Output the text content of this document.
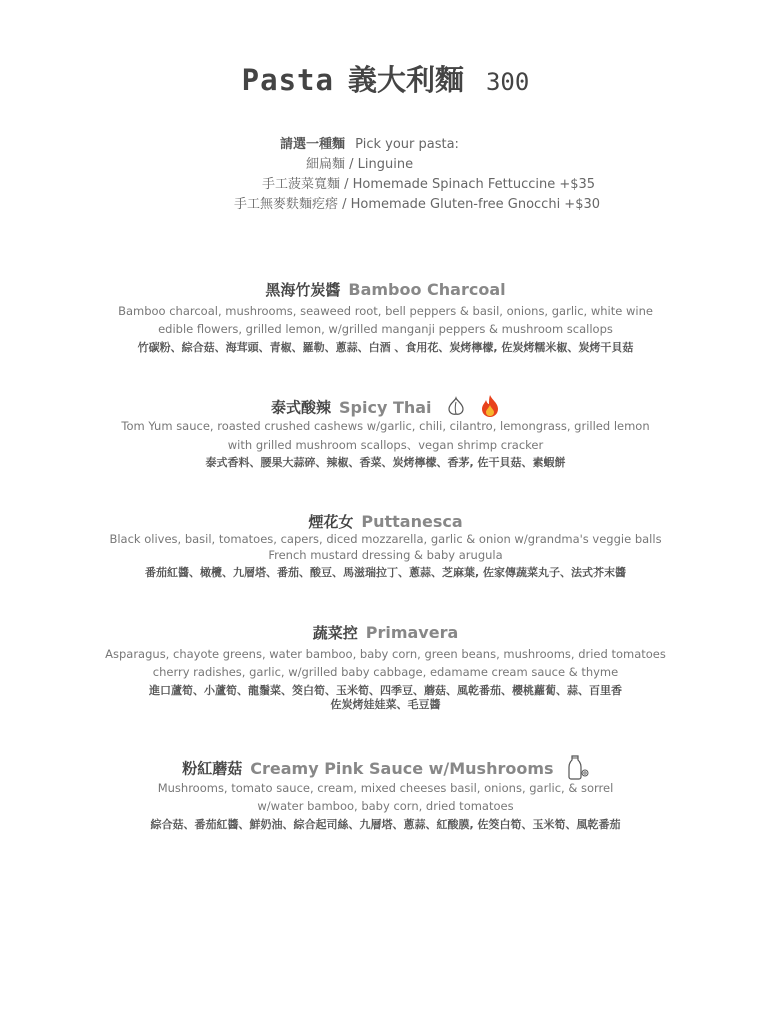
Pasta 義大利麵 300
請選一種麵 Pick your pasta:
細扁麵 / Linguine
手工菠菜寬麵 / Homemade Spinach Fettuccine +$35
手工無麥麩麵疙瘩 / Homemade Gluten-free Gnocchi +$30
黑海竹炭醬 Bamboo Charcoal
Bamboo charcoal, mushrooms, seaweed root, bell peppers & basil, onions, garlic, white wine
edible flowers, grilled lemon, w/grilled manganji peppers & mushroom scallops
竹碳粉、綜合菇、海茸頭、青椒、羅勒、蔥蒜、白酒 、食用花、炭烤檸檬, 佐炭烤糯米椒、炭烤干貝菇
泰式酸辣 Spicy Thai
Tom Yum sauce, roasted crushed cashews w/garlic, chili, cilantro, lemongrass, grilled lemon
with grilled mushroom scallops、vegan shrimp cracker
泰式香料、腰果大蒜碎、辣椒、香菜、炭烤檸檬、香茅, 佐干貝菇、素蝦餅
煙花女 Puttanesca
Black olives, basil, tomatoes, capers, diced mozzarella, garlic & onion w/grandma's veggie balls
French mustard dressing & baby arugula
番茄紅醬、橄欖、九層塔、番茄、酸豆、馬滋瑞拉丁、蔥蒜、芝麻葉, 佐家傳蔬菜丸子、法式芥末醬
蔬菜控 Primavera
Asparagus, chayote greens, water bamboo, baby corn, green beans, mushrooms, dried tomatoes
cherry radishes, garlic, w/grilled baby cabbage, edamame cream sauce & thyme
進口蘆筍、小蘆筍、龍鬚菜、筊白筍、玉米筍、四季豆、蘑菇、風乾番茄、櫻桃蘿蔔、蒜、百里香
佐炭烤娃娃菜、毛豆醬
粉紅蘑菇 Creamy Pink Sauce w/Mushrooms
Mushrooms, tomato sauce, cream, mixed cheeses basil, onions, garlic, & sorrel
w/water bamboo, baby corn, dried tomatoes
綜合菇、番茄紅醬、鮮奶油、綜合起司絲、九層塔、蔥蒜、紅酸膜, 佐筊白筍、玉米筍、風乾番茄
